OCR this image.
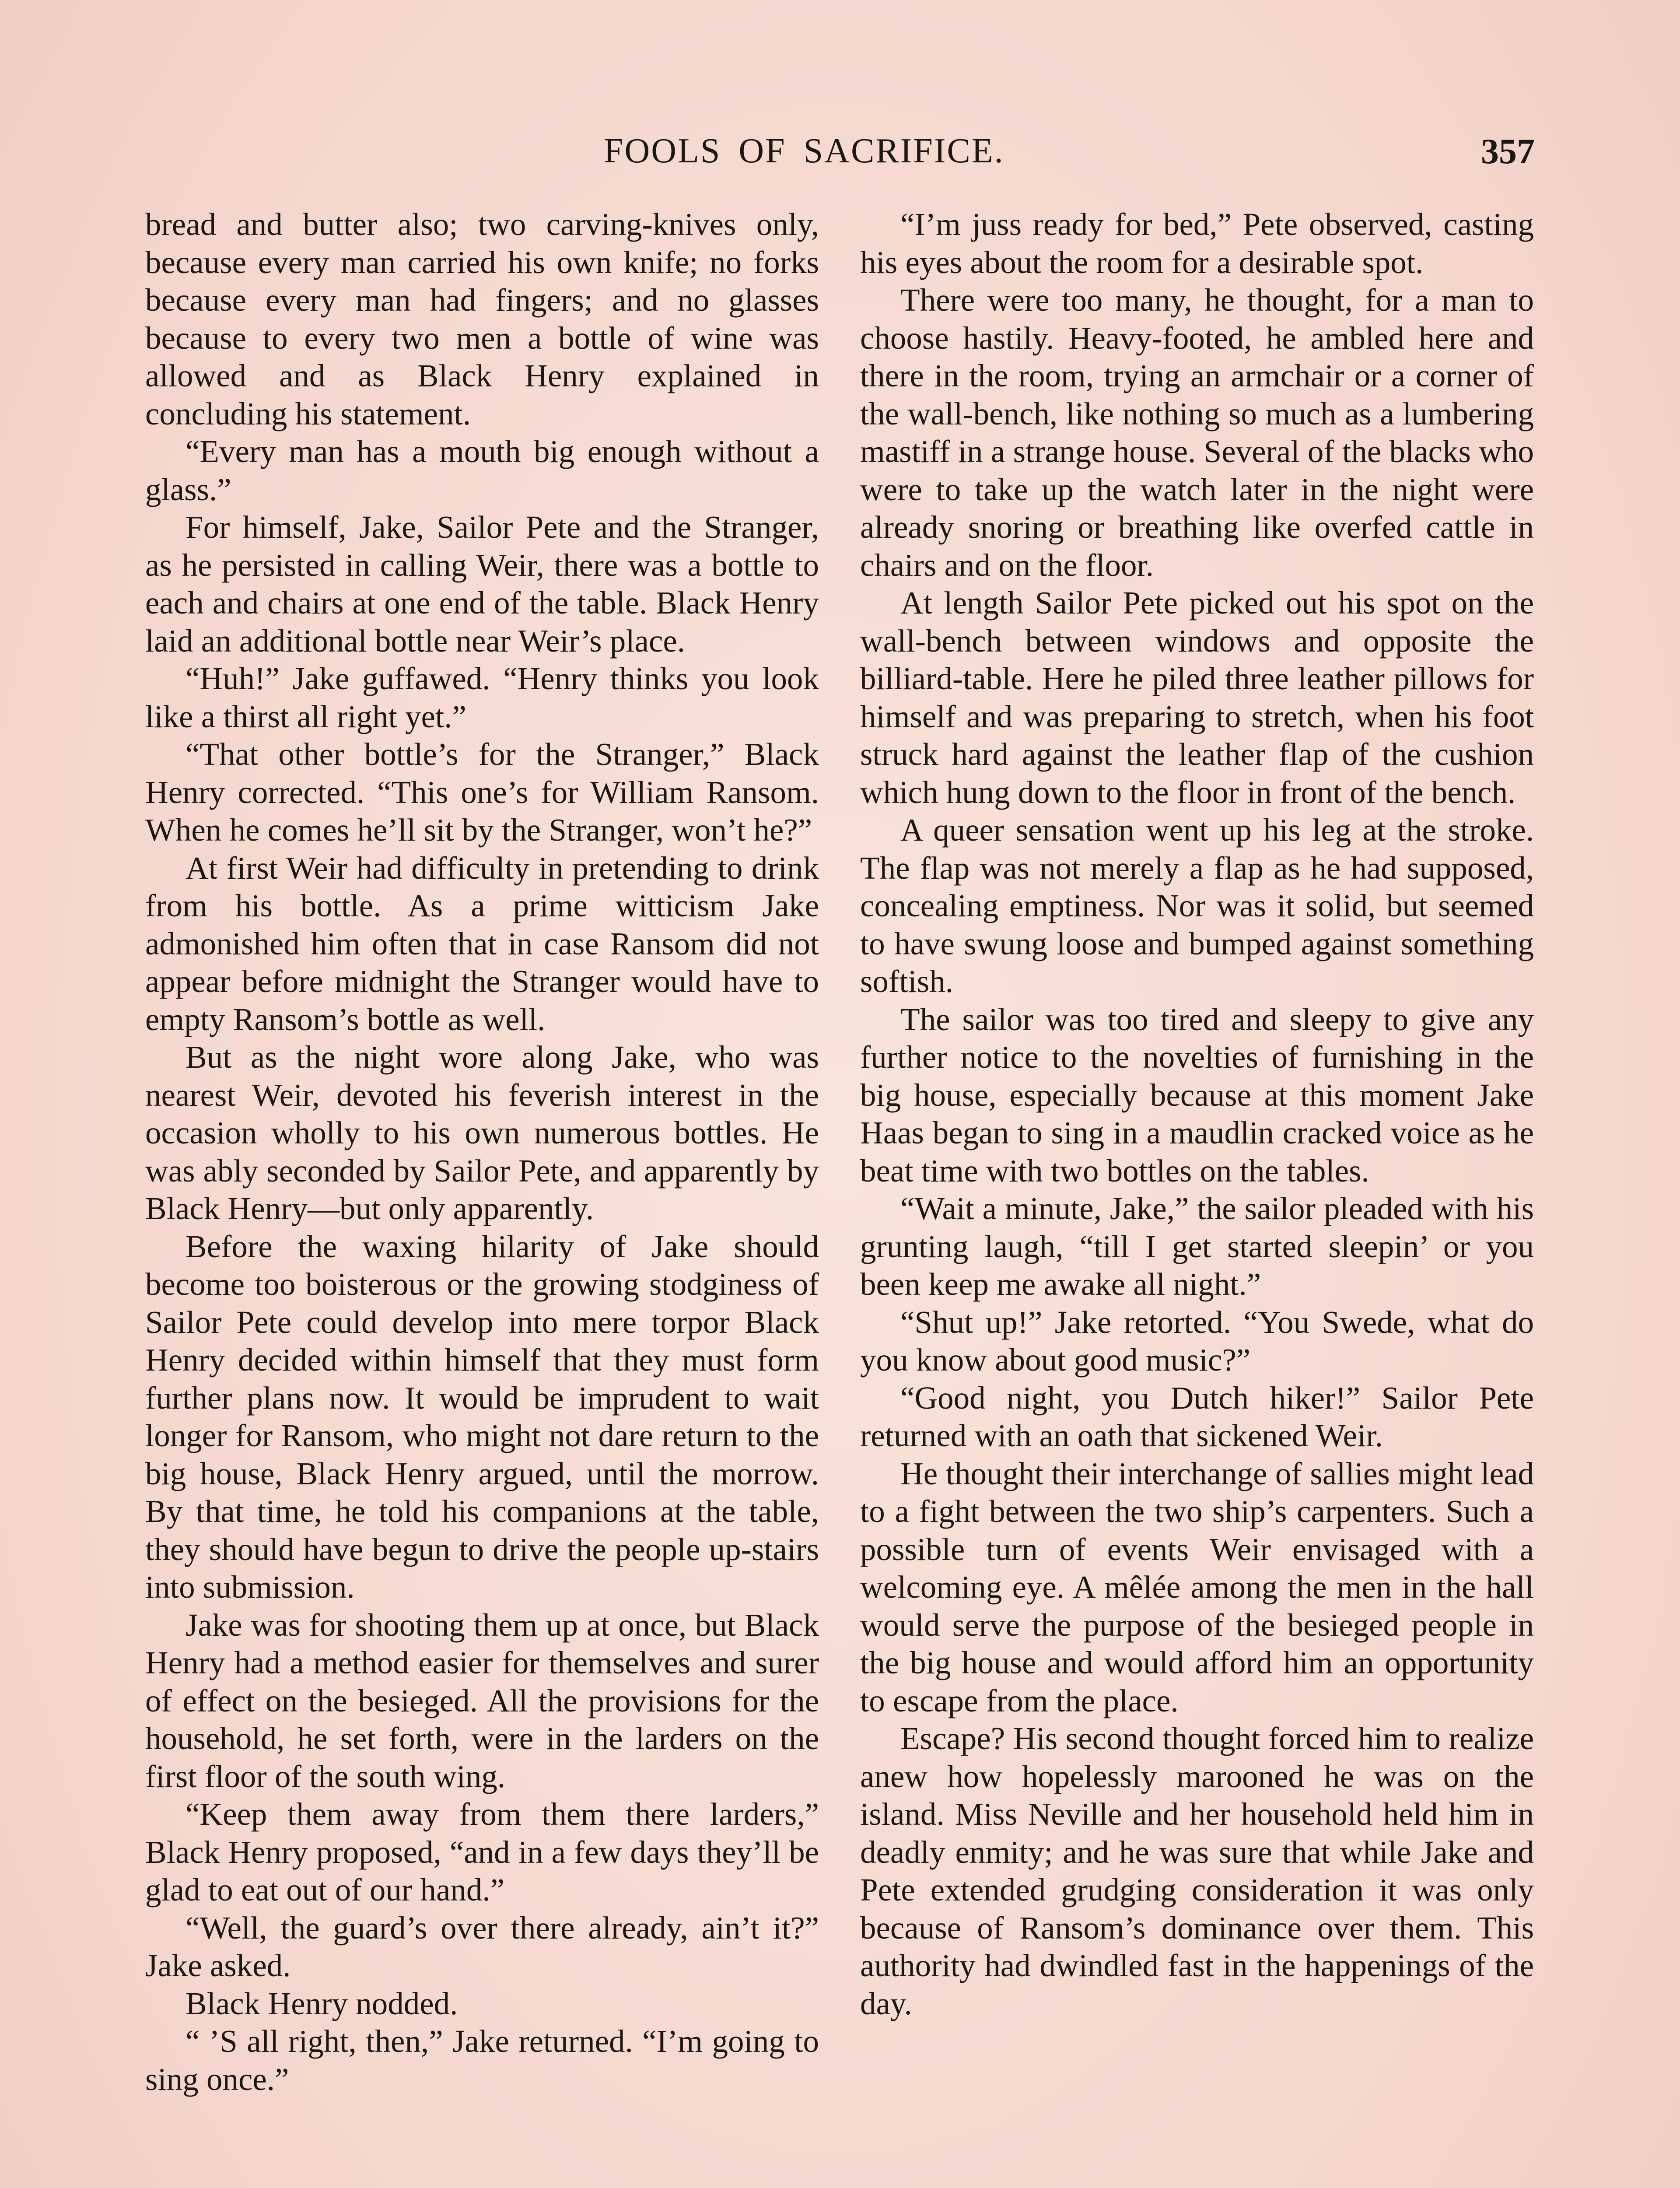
FOOLS OF SACRIFICE.	357

bread and butter also; two carving-knives only, because every man carried his own knife; no forks because every man had fingers; and no glasses because to every two men a bottle of wine was allowed and as Black Henry explained in concluding his statement.

“Every man has a mouth big enough without a glass.”

For himself, Jake, Sailor Pete and the Stranger, as he persisted in calling Weir, there was a bottle to each and chairs at one end of the table. Black Henry laid an additional bottle near Weir’s place.

“Huh!” Jake guffawed. “Henry thinks you look like a thirst all right yet.”

“That other bottle’s for the Stranger,” Black Henry corrected. “This one’s for William Ransom. When he comes he’ll sit by the Stranger, won’t he?”

At first Weir had difficulty in pretending to drink from his bottle. As a prime witticism Jake admonished him often that in case Ransom did not appear before midnight the Stranger would have to empty Ransom’s bottle as well.

But as the night wore along Jake, who was nearest Weir, devoted his feverish interest in the occasion wholly to his own numerous bottles. He was ably seconded by Sailor Pete, and apparently by Black Henry—but only apparently.

Before the waxing hilarity of Jake should become too boisterous or the growing stodginess of Sailor Pete could develop into mere torpor Black Henry decided within himself that they must form further plans now. It would be imprudent to wait longer for Ransom, who might not dare return to the big house, Black Henry argued, until the morrow. By that time, he told his companions at the table, they should have begun to drive the people up-stairs into submission.

Jake was for shooting them up at once, but Black Henry had a method easier for themselves and surer of effect on the besieged. All the provisions for the household, he set forth, were in the larders on the first floor of the south wing.

“Keep them away from them there larders,” Black Henry proposed, “and in a few days they’ll be glad to eat out of our hand.”

“Well, the guard’s over there already, ain’t it?” Jake asked.

Black Henry nodded.

“ ’S all right, then,” Jake returned. “I’m going to sing once.”

“I’m juss ready for bed,” Pete observed, casting his eyes about the room for a desirable spot.

There were too many, he thought, for a man to choose hastily. Heavy-footed, he ambled here and there in the room, trying an armchair or a corner of the wall-bench, like nothing so much as a lumbering mastiff in a strange house. Several of the blacks who were to take up the watch later in the night were already snoring or breathing like overfed cattle in chairs and on the floor.

At length Sailor Pete picked out his spot on the wall-bench between windows and opposite the billiard-table. Here he piled three leather pillows for himself and was preparing to stretch, when his foot struck hard against the leather flap of the cushion which hung down to the floor in front of the bench.

A queer sensation went up his leg at the stroke. The flap was not merely a flap as he had supposed, concealing emptiness. Nor was it solid, but seemed to have swung loose and bumped against something softish.

The sailor was too tired and sleepy to give any further notice to the novelties of furnishing in the big house, especially because at this moment Jake Haas began to sing in a maudlin cracked voice as he beat time with two bottles on the tables.

“Wait a minute, Jake,” the sailor pleaded with his grunting laugh, “till I get started sleepin’ or you been keep me awake all night.”

“Shut up!” Jake retorted. “You Swede, what do you know about good music?”

“Good night, you Dutch hiker!” Sailor Pete returned with an oath that sickened Weir.

He thought their interchange of sallies might lead to a fight between the two ship’s carpenters. Such a possible turn of events Weir envisaged with a welcoming eye. A mêlée among the men in the hall would serve the purpose of the besieged people in the big house and would afford him an opportunity to escape from the place.

Escape? His second thought forced him to realize anew how hopelessly marooned he was on the island. Miss Neville and her household held him in deadly enmity; and he was sure that while Jake and Pete extended grudging consideration it was only because of Ransom’s dominance over them. This authority had dwindled fast in the happenings of the day.
